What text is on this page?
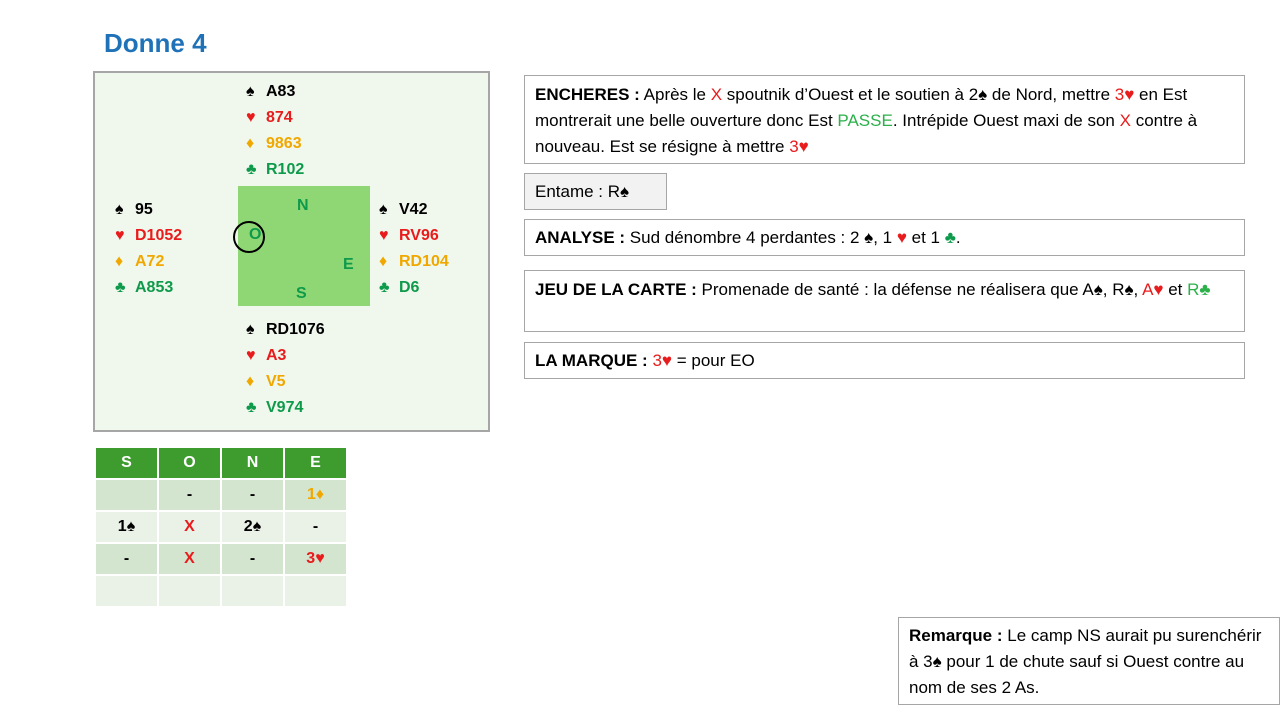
Donne 4
♠ A83
♥ 874
♦ 9863
♣ R102
♠ 95
♥ D1052
♦ A72
♣ A853
♠ V42
♥ RV96
♦ RD104
♣ D6
N
O
E
S
♠ RD1076
♥ A3
♦ V5
♣ V974
S	O	N	E
	-	-	1♦
1♠	X	2♠	-
-	X	-	3♥

ENCHERES : Après le X spoutnik d’Ouest et le soutien à 2♠ de Nord, mettre 3♥ en Est montrerait une belle ouverture donc Est PASSE. Intrépide Ouest maxi de son X contre à nouveau. Est se résigne à mettre 3♥
Entame : R♠
ANALYSE : Sud dénombre 4 perdantes : 2 ♠, 1 ♥ et 1 ♣.
JEU DE LA CARTE : Promenade de santé : la défense ne réalisera que A♠, R♠, A♥ et R♣
LA MARQUE : 3♥ = pour EO
Remarque : Le camp NS aurait pu surenchérir à 3♠ pour 1 de chute sauf si Ouest contre au nom de ses 2 As.
